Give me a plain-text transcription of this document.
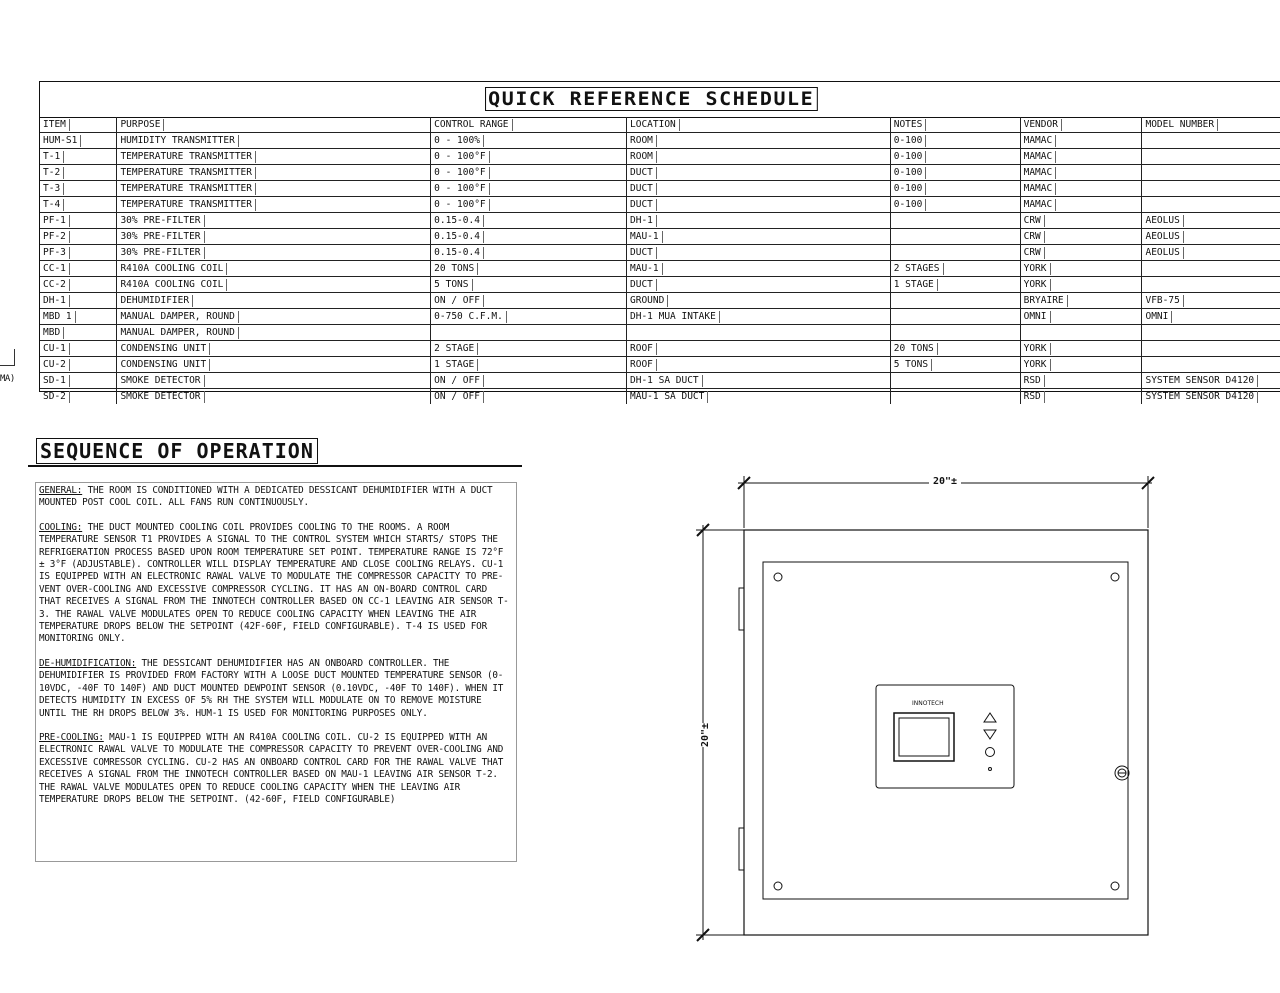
MA)
QUICK REFERENCE SCHEDULE
ITEM	PURPOSE	CONTROL RANGE	LOCATION	NOTES	VENDOR	MODEL NUMBER
HUM-S1	HUMIDITY TRANSMITTER	0 - 100%	ROOM	0-100	MAMAC	
T-1	TEMPERATURE TRANSMITTER	0 - 100°F	ROOM	0-100	MAMAC	
T-2	TEMPERATURE TRANSMITTER	0 - 100°F	DUCT	0-100	MAMAC	
T-3	TEMPERATURE TRANSMITTER	0 - 100°F	DUCT	0-100	MAMAC	
T-4	TEMPERATURE TRANSMITTER	0 - 100°F	DUCT	0-100	MAMAC	
PF-1	30% PRE-FILTER	0.15-0.4	DH-1		CRW	AEOLUS
PF-2	30% PRE-FILTER	0.15-0.4	MAU-1		CRW	AEOLUS
PF-3	30% PRE-FILTER	0.15-0.4	DUCT		CRW	AEOLUS
CC-1	R410A COOLING COIL	20 TONS	MAU-1	2 STAGES	YORK	
CC-2	R410A COOLING COIL	5 TONS	DUCT	1 STAGE	YORK	
DH-1	DEHUMIDIFIER	ON / OFF	GROUND		BRYAIRE	VFB-75
MBD 1	MANUAL DAMPER, ROUND	0-750 C.F.M.	DH-1 MUA INTAKE		OMNI	OMNI
MBD	MANUAL DAMPER, ROUND					
CU-1	CONDENSING UNIT	2 STAGE	ROOF	20 TONS	YORK	
CU-2	CONDENSING UNIT	1 STAGE	ROOF	5 TONS	YORK	
SD-1	SMOKE DETECTOR	ON / OFF	DH-1 SA DUCT		RSD	SYSTEM SENSOR D4120
SD-2	SMOKE DETECTOR	ON / OFF	MAU-1 SA DUCT		RSD	SYSTEM SENSOR D4120
SEQUENCE OF OPERATION

GENERAL: THE ROOM IS CONDITIONED WITH A DEDICATED DESSICANT DEHUMIDIFIER WITH A DUCT MOUNTED POST COOL COIL. ALL FANS RUN CONTINUOUSLY.

COOLING: THE DUCT MOUNTED COOLING COIL PROVIDES COOLING TO THE ROOMS. A ROOM TEMPERATURE SENSOR T1 PROVIDES A SIGNAL TO THE CONTROL SYSTEM WHICH STARTS/ STOPS THE REFRIGERATION PROCESS BASED UPON ROOM TEMPERATURE SET POINT. TEMPERATURE RANGE IS 72°F ± 3°F (ADJUSTABLE). CONTROLLER WILL DISPLAY TEMPERATURE AND CLOSE COOLING RELAYS. CU-1 IS EQUIPPED WITH AN ELECTRONIC RAWAL VALVE TO MODULATE THE COMPRESSOR CAPACITY TO PRE-VENT OVER-COOLING AND EXCESSIVE COMPRESSOR CYCLING. IT HAS AN ON-BOARD CONTROL CARD THAT RECEIVES A SIGNAL FROM THE INNOTECH CONTROLLER BASED ON CC-1 LEAVING AIR SENSOR T-3. THE RAWAL VALVE MODULATES OPEN TO REDUCE COOLING CAPACITY WHEN LEAVING THE AIR TEMPERATURE DROPS BELOW THE SETPOINT (42F-60F, FIELD CONFIGURABLE). T-4 IS USED FOR MONITORING ONLY.

DE-HUMIDIFICATION: THE DESSICANT DEHUMIDIFIER HAS AN ONBOARD CONTROLLER. THE DEHUMIDIFIER IS PROVIDED FROM FACTORY WITH A LOOSE DUCT MOUNTED TEMPERATURE SENSOR (0-10VDC, -40F TO 140F) AND DUCT MOUNTED DEWPOINT SENSOR (0.10VDC, -40F TO 140F). WHEN IT DETECTS HUMIDITY IN EXCESS OF 5% RH THE SYSTEM WILL MODULATE ON TO REMOVE MOISTURE UNTIL THE RH DROPS BELOW 3%. HUM-1 IS USED FOR MONITORING PURPOSES ONLY.

PRE-COOLING: MAU-1 IS EQUIPPED WITH AN R410A COOLING COIL. CU-2 IS EQUIPPED WITH AN ELECTRONIC RAWAL VALVE TO MODULATE THE COMPRESSOR CAPACITY TO PREVENT OVER-COOLING AND EXCESSIVE COMRESSOR CYCLING. CU-2 HAS AN ONBOARD CONTROL CARD FOR THE RAWAL VALVE THAT RECEIVES A SIGNAL FROM THE INNOTECH CONTROLLER BASED ON MAU-1 LEAVING AIR SENSOR T-2. THE RAWAL VALVE MODULATES OPEN TO REDUCE COOLING CAPACITY WHEN THE LEAVING AIR TEMPERATURE DROPS BELOW THE SETPOINT. (42-60F, FIELD CONFIGURABLE)

20"±
20"±
INNOTECH
